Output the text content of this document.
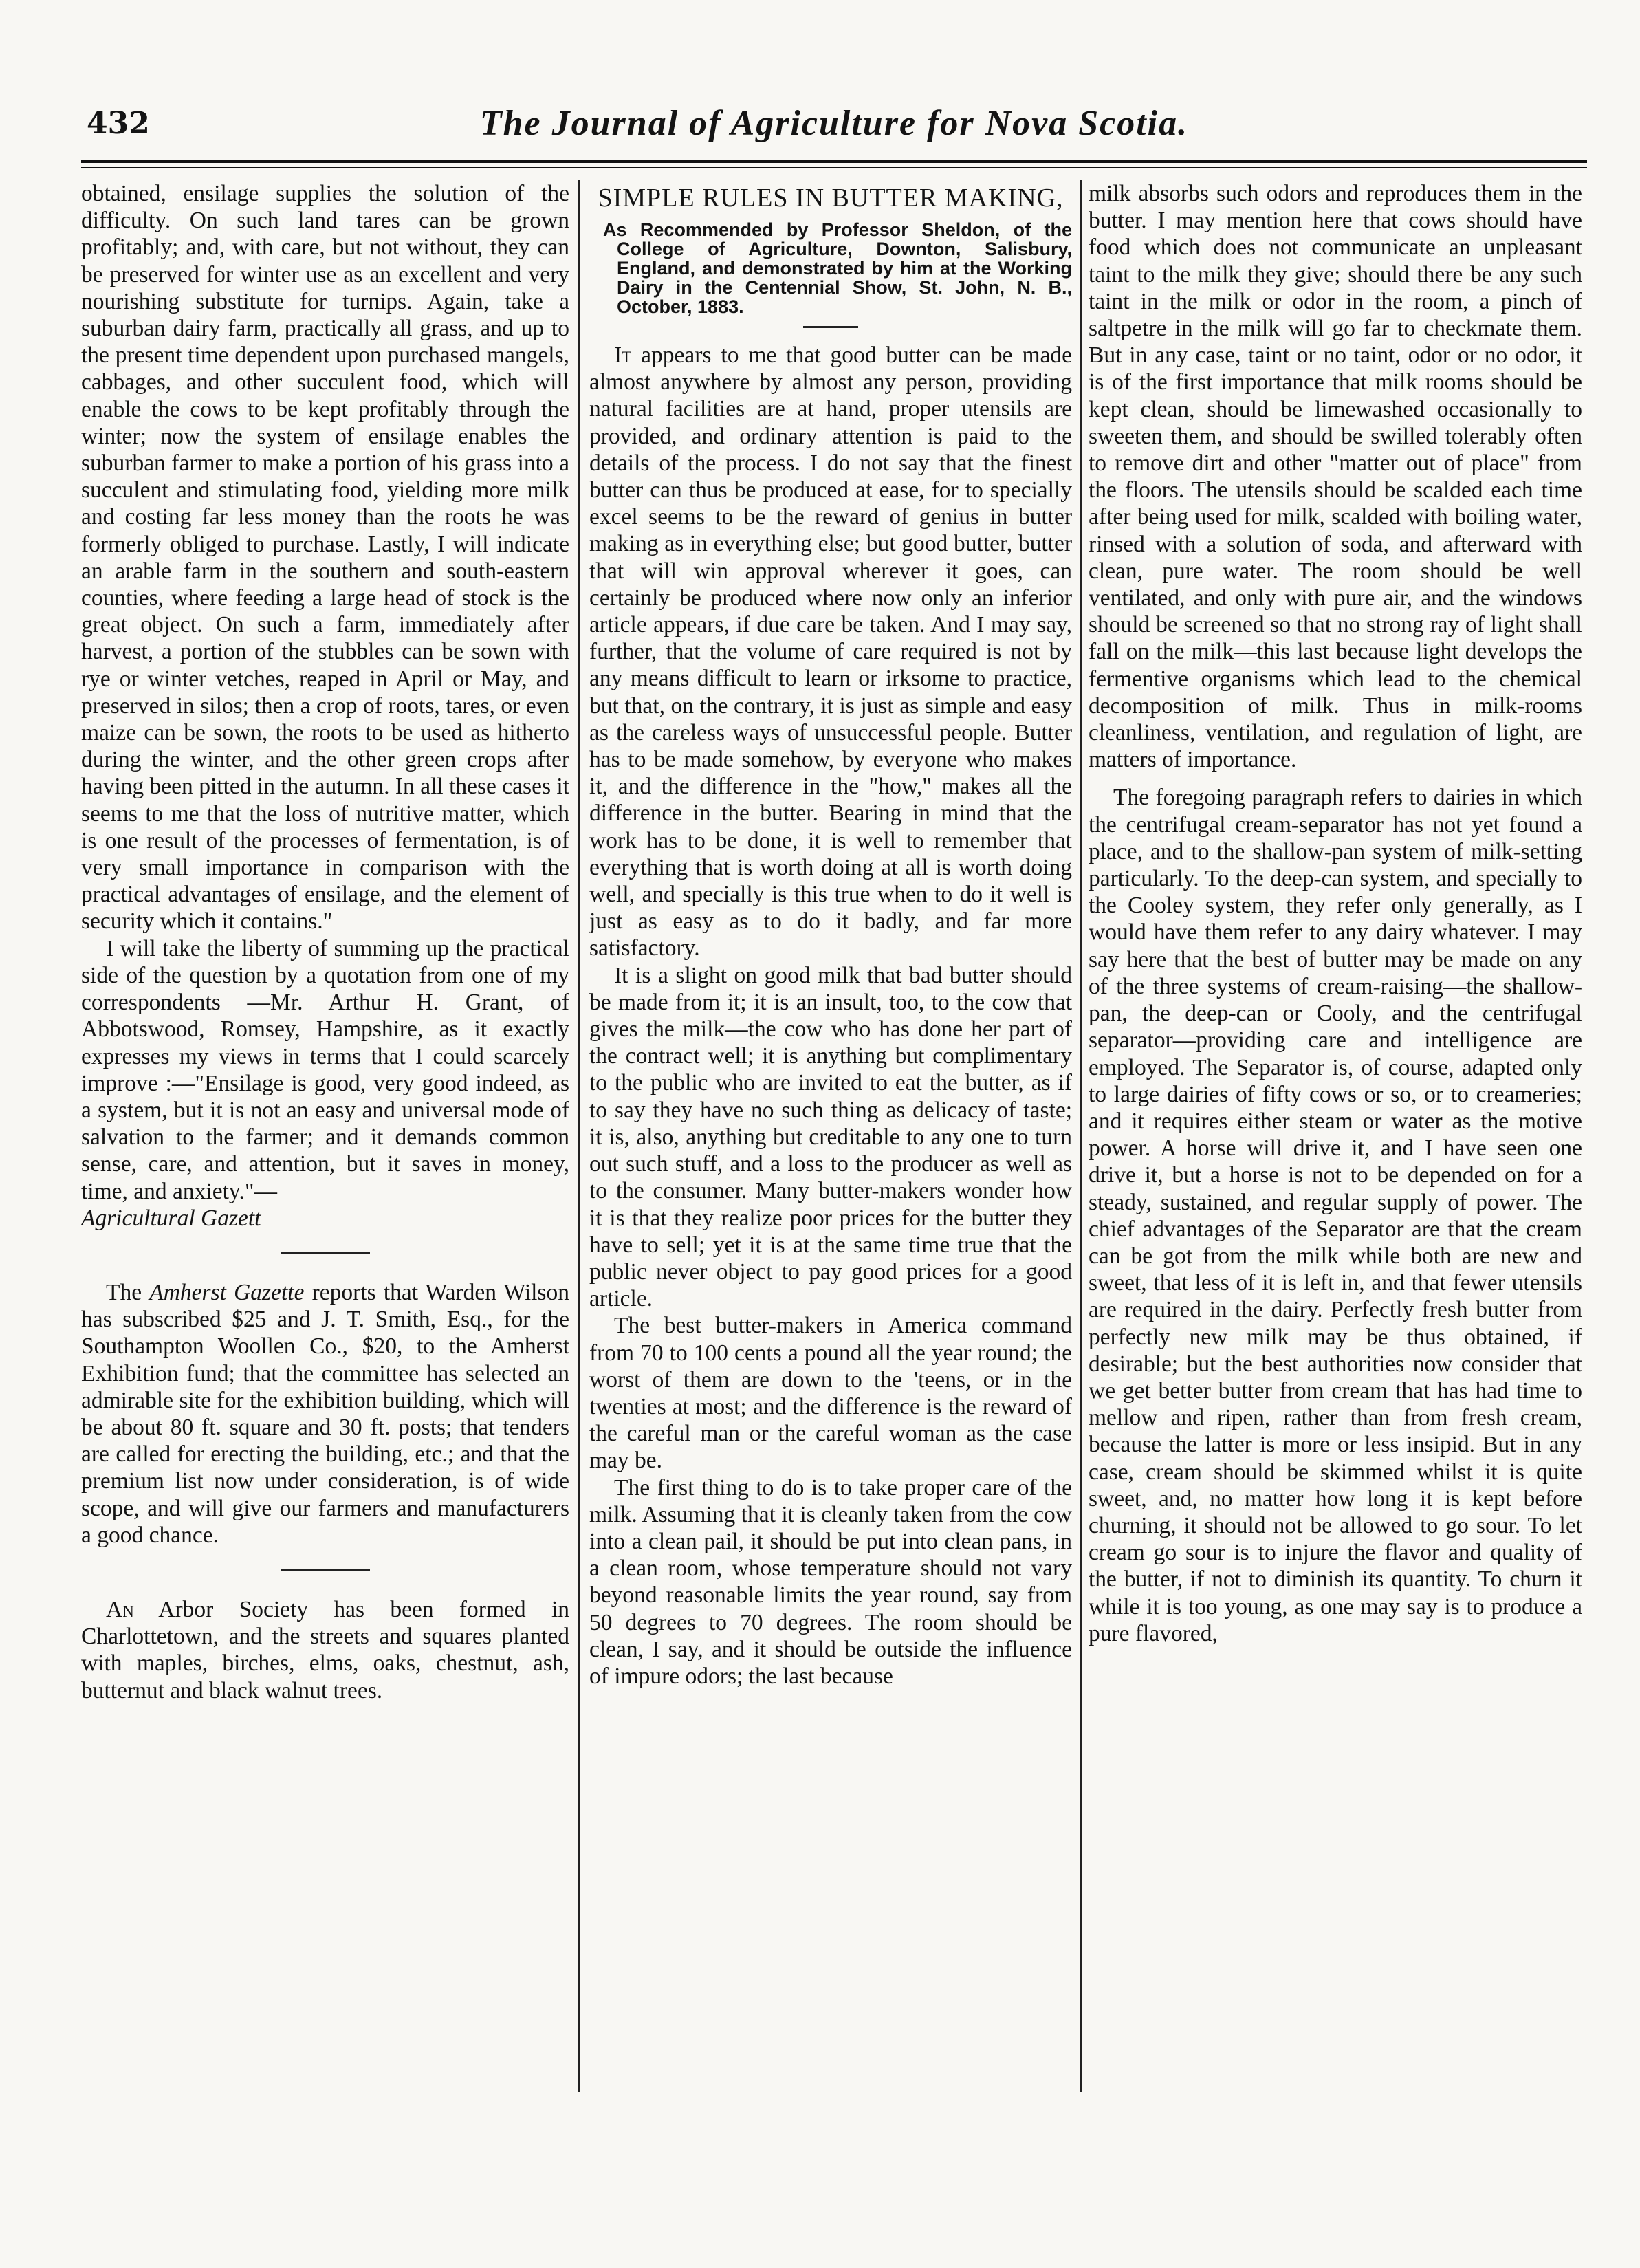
432	The Journal of Agriculture for Nova Scotia.

obtained, ensilage supplies the solution of the difficulty. On such land tares can be grown profitably; and, with care, but not without, they can be preserved for winter use as an excellent and very nourishing substitute for turnips. Again, take a suburban dairy farm, practically all grass, and up to the present time dependent upon purchased mangels, cabbages, and other succulent food, which will enable the cows to be kept profitably through the winter; now the system of ensilage enables the suburban farmer to make a portion of his grass into a succulent and stimulating food, yielding more milk and costing far less money than the roots he was formerly obliged to purchase. Lastly, I will indicate an arable farm in the southern and south-eastern counties, where feeding a large head of stock is the great object. On such a farm, immediately after harvest, a portion of the stubbles can be sown with rye or winter vetches, reaped in April or May, and preserved in silos; then a crop of roots, tares, or even maize can be sown, the roots to be used as hitherto during the winter, and the other green crops after having been pitted in the autumn. In all these cases it seems to me that the loss of nutritive matter, which is one result of the processes of fermentation, is of very small importance in comparison with the practical advantages of ensilage, and the element of security which it contains."

I will take the liberty of summing up the practical side of the question by a quotation from one of my correspondents —Mr. Arthur H. Grant, of Abbotswood, Romsey, Hampshire, as it exactly expresses my views in terms that I could scarcely improve :—"Ensilage is good, very good indeed, as a system, but it is not an easy and universal mode of salvation to the farmer; and it demands common sense, care, and attention, but it saves in money, time, and anxiety."—
Agricultural Gazett

The Amherst Gazette reports that Warden Wilson has subscribed $25 and J. T. Smith, Esq., for the Southampton Woollen Co., $20, to the Amherst Exhibition fund; that the committee has selected an admirable site for the exhibition building, which will be about 80 ft. square and 30 ft. posts; that tenders are called for erecting the building, etc.; and that the premium list now under consideration, is of wide scope, and will give our farmers and manufacturers a good chance.

An Arbor Society has been formed in Charlottetown, and the streets and squares planted with maples, birches, elms, oaks, chestnut, ash, butternut and black walnut trees.

SIMPLE RULES IN BUTTER MAKING,
As Recommended by Professor Sheldon, of the College of Agriculture, Downton, Salisbury, England, and demonstrated by him at the Working Dairy in the Centennial Show, St. John, N. B., October, 1883.

It appears to me that good butter can be made almost anywhere by almost any person, providing natural facilities are at hand, proper utensils are provided, and ordinary attention is paid to the details of the process. I do not say that the finest butter can thus be produced at ease, for to specially excel seems to be the reward of genius in butter making as in everything else; but good butter, butter that will win approval wherever it goes, can certainly be produced where now only an inferior article appears, if due care be taken. And I may say, further, that the volume of care required is not by any means difficult to learn or irksome to practice, but that, on the contrary, it is just as simple and easy as the careless ways of unsuccessful people. Butter has to be made somehow, by everyone who makes it, and the difference in the "how," makes all the difference in the butter. Bearing in mind that the work has to be done, it is well to remember that everything that is worth doing at all is worth doing well, and specially is this true when to do it well is just as easy as to do it badly, and far more satisfactory.

It is a slight on good milk that bad butter should be made from it; it is an insult, too, to the cow that gives the milk—the cow who has done her part of the contract well; it is anything but complimentary to the public who are invited to eat the butter, as if to say they have no such thing as delicacy of taste; it is, also, anything but creditable to any one to turn out such stuff, and a loss to the producer as well as to the consumer. Many butter-makers wonder how it is that they realize poor prices for the butter they have to sell; yet it is at the same time true that the public never object to pay good prices for a good article.

The best butter-makers in America command from 70 to 100 cents a pound all the year round; the worst of them are down to the 'teens, or in the twenties at most; and the difference is the reward of the careful man or the careful woman as the case may be.

The first thing to do is to take proper care of the milk. Assuming that it is cleanly taken from the cow into a clean pail, it should be put into clean pans, in a clean room, whose temperature should not vary beyond reasonable limits the year round, say from 50 degrees to 70 degrees. The room should be clean, I say, and it should be outside the influence of impure odors; the last because

milk absorbs such odors and reproduces them in the butter. I may mention here that cows should have food which does not communicate an unpleasant taint to the milk they give; should there be any such taint in the milk or odor in the room, a pinch of saltpetre in the milk will go far to checkmate them. But in any case, taint or no taint, odor or no odor, it is of the first importance that milk rooms should be kept clean, should be limewashed occasionally to sweeten them, and should be swilled tolerably often to remove dirt and other "matter out of place" from the floors. The utensils should be scalded each time after being used for milk, scalded with boiling water, rinsed with a solution of soda, and afterward with clean, pure water. The room should be well ventilated, and only with pure air, and the windows should be screened so that no strong ray of light shall fall on the milk—this last because light develops the fermentive organisms which lead to the chemical decomposition of milk. Thus in milk-rooms cleanliness, ventilation, and regulation of light, are matters of importance.

The foregoing paragraph refers to dairies in which the centrifugal cream-separator has not yet found a place, and to the shallow-pan system of milk-setting particularly. To the deep-can system, and specially to the Cooley system, they refer only generally, as I would have them refer to any dairy whatever. I may say here that the best of butter may be made on any of the three systems of cream-raising—the shallow-pan, the deep-can or Cooly, and the centrifugal separator—providing care and intelligence are employed. The Separator is, of course, adapted only to large dairies of fifty cows or so, or to creameries; and it requires either steam or water as the motive power. A horse will drive it, and I have seen one drive it, but a horse is not to be depended on for a steady, sustained, and regular supply of power. The chief advantages of the Separator are that the cream can be got from the milk while both are new and sweet, that less of it is left in, and that fewer utensils are required in the dairy. Perfectly fresh butter from perfectly new milk may be thus obtained, if desirable; but the best authorities now consider that we get better butter from cream that has had time to mellow and ripen, rather than from fresh cream, because the latter is more or less insipid. But in any case, cream should be skimmed whilst it is quite sweet, and, no matter how long it is kept before churning, it should not be allowed to go sour. To let cream go sour is to injure the flavor and quality of the butter, if not to diminish its quantity. To churn it while it is too young, as one may say is to produce a pure flavored,
